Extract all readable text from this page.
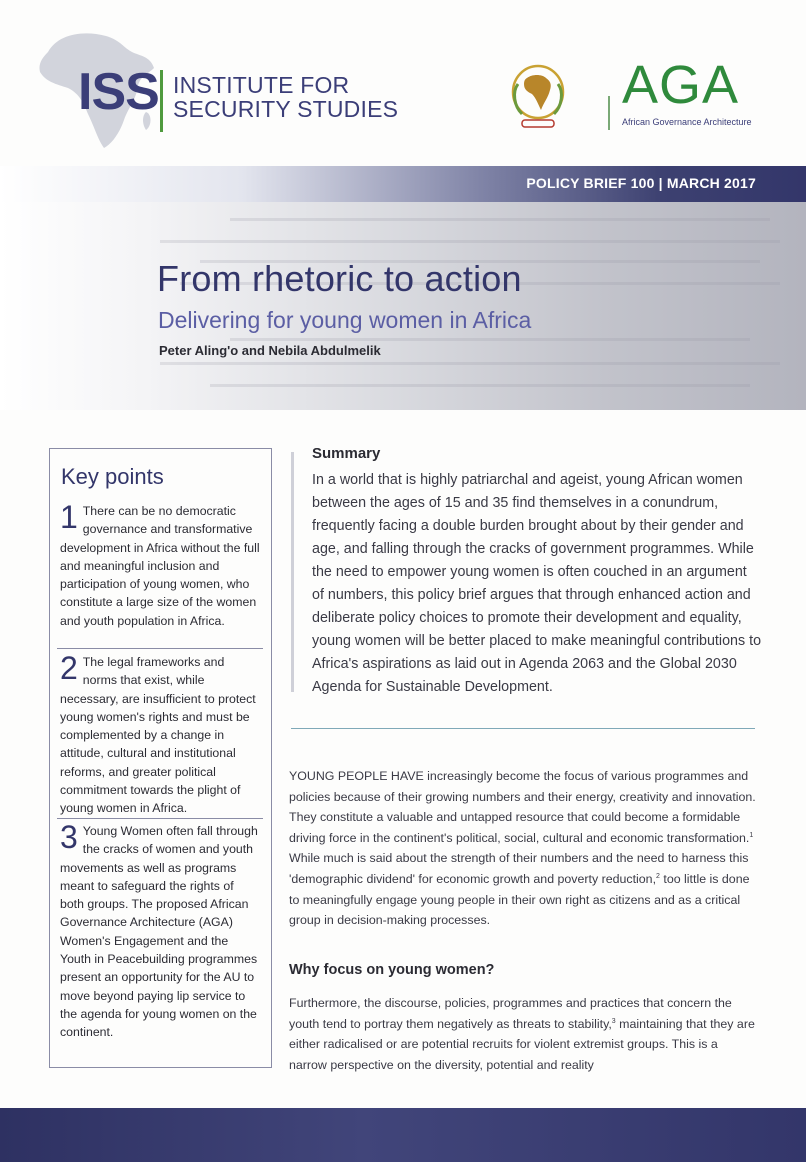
ISS INSTITUTE FOR
SECURITY STUDIES	AGA
African Governance Architecture
POLICY BRIEF 100 | MARCH 2017
From rhetoric to action
Delivering for young women in Africa
Peter Aling'o and Nebila Abdulmelik
Key points
1 There can be no democratic governance and transformative development in Africa without the full and meaningful inclusion and participation of young women, who constitute a large size of the women and youth population in Africa.
2 The legal frameworks and norms that exist, while necessary, are insufficient to protect young women's rights and must be complemented by a change in attitude, cultural and institutional reforms, and greater political commitment towards the plight of young women in Africa.
3 Young Women often fall through the cracks of women and youth movements as well as programs meant to safeguard the rights of both groups. The proposed African Governance Architecture (AGA) Women's Engagement and the Youth in Peacebuilding programmes present an opportunity for the AU to move beyond paying lip service to the agenda for young women on the continent.
Summary
In a world that is highly patriarchal and ageist, young African women between the ages of 15 and 35 find themselves in a conundrum, frequently facing a double burden brought about by their gender and age, and falling through the cracks of government programmes. While the need to empower young women is often couched in an argument of numbers, this policy brief argues that through enhanced action and deliberate policy choices to promote their development and equality, young women will be better placed to make meaningful contributions to Africa's aspirations as laid out in Agenda 2063 and the Global 2030 Agenda for Sustainable Development.
YOUNG PEOPLE HAVE increasingly become the focus of various programmes and policies because of their growing numbers and their energy, creativity and innovation. They constitute a valuable and untapped resource that could become a formidable driving force in the continent's political, social, cultural and economic transformation.$^1$ While much is said about the strength of their numbers and the need to harness this 'demographic dividend' for economic growth and poverty reduction,$^2$ too little is done to meaningfully engage young people in their own right as citizens and as a critical group in decision-making processes.
Why focus on young women?
Furthermore, the discourse, policies, programmes and practices that concern the youth tend to portray them negatively as threats to stability,$^3$ maintaining that they are either radicalised or are potential recruits for violent extremist groups. This is a narrow perspective on the diversity, potential and reality
